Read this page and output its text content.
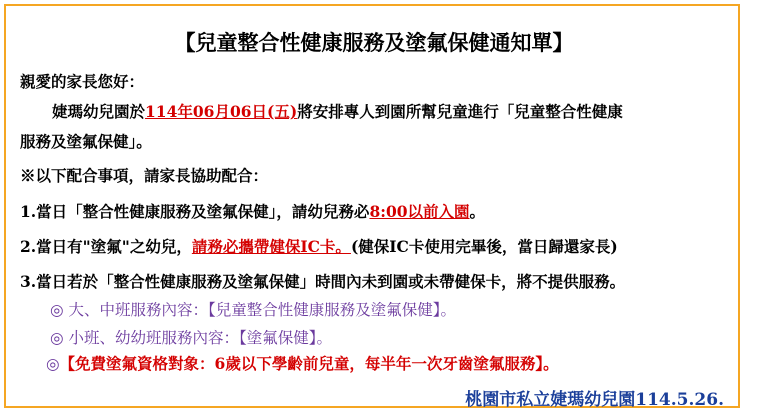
【兒童整合性健康服務及塗氟保健通知單】
親愛的家長您好：
婕瑪幼兒園於114年06月06日(五)將安排專人到園所幫兒童進行「兒童整合性健康
服務及塗氟保健」。
※以下配合事項，請家長協助配合：
1.當日「整合性健康服務及塗氟保健」，請幼兒務必8:00以前入園。
2.當日有"塗氟"之幼兒，請務必攜帶健保IC卡。(健保IC卡使用完畢後，當日歸還家長)
3.當日若於「整合性健康服務及塗氟保健」時間內未到園或未帶健保卡，將不提供服務。
◎ 大、中班服務內容：【兒童整合性健康服務及塗氟保健】。
◎ 小班、幼幼班服務內容：【塗氟保健】。
◎【免費塗氟資格對象：6歲以下學齡前兒童，每半年一次牙齒塗氟服務】。
桃園市私立婕瑪幼兒園114.5.26.
